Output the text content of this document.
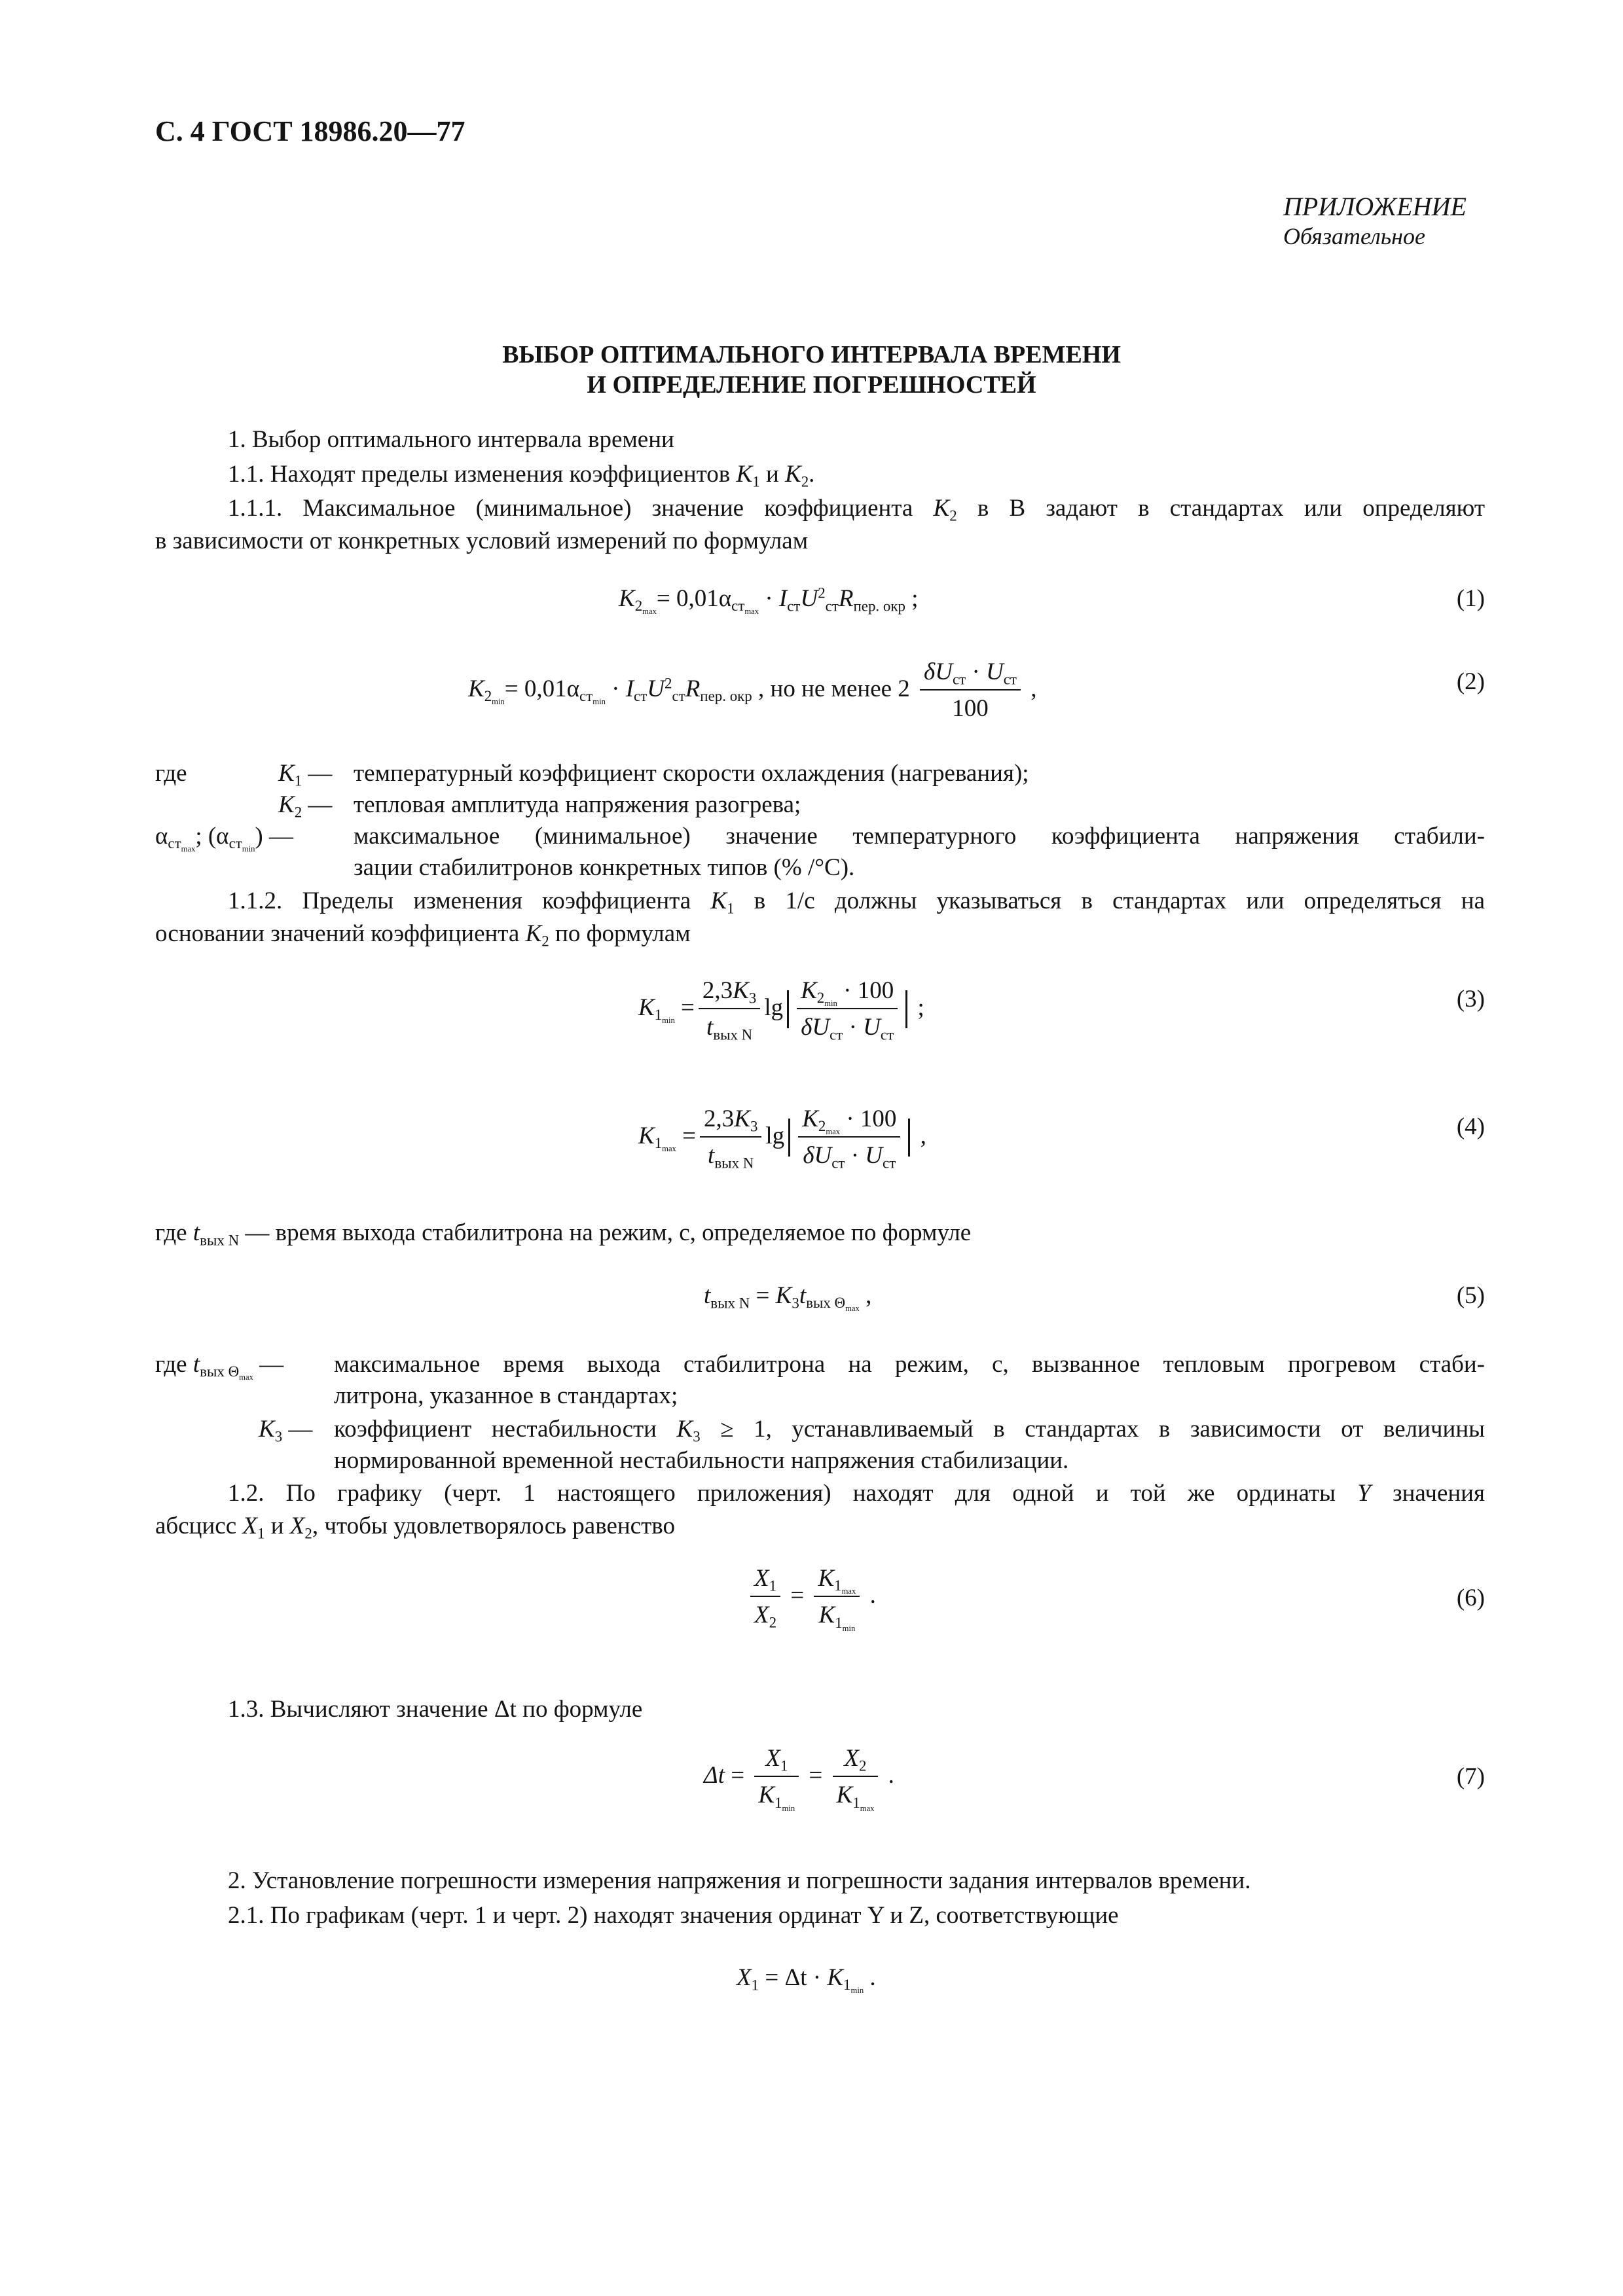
С. 4 ГОСТ 18986.20—77
ПРИЛОЖЕНИЕ
Обязательное
ВЫБОР ОПТИМАЛЬНОГО ИНТЕРВАЛА ВРЕМЕНИ
И ОПРЕДЕЛЕНИЕ ПОГРЕШНОСТЕЙ
1. Выбор оптимального интервала времени
1.1. Находят пределы изменения коэффициентов $K_1$ и $K_2$.
1.1.1. Максимальное (минимальное) значение коэффициента $K_2$ в В задают в стандартах или определяют
в зависимости от конкретных условий измерений по формулам
$K_{2_{max}}= 0,01\alpha_{ст_{max}} \cdot I_{ст}U^2_{ст}R_{пер. окр}$ ;	(1)
$K_{2_{min}}= 0,01\alpha_{ст_{min}} \cdot I_{ст}U^2_{ст}R_{пер. окр}$ , но не менее $2 \frac{\delta U_{ст} \cdot U_{ст}}{100}$ ,	(2)
где	$K_1$ — температурный коэффициент скорости охлаждения (нагревания);
$K_2$ — тепловая амплитуда напряжения разогрева;
$\alpha_{ст_{max}}$; $(\alpha_{ст_{min}})$ — максимальное (минимальное) значение температурного коэффициента напряжения стабили-
зации стабилитронов конкретных типов (% /°C).
1.1.2. Пределы изменения коэффициента $K_1$ в 1/с должны указываться в стандартах или определяться на
основании значений коэффициента $K_2$ по формулам
$K_{1_{min}} = \frac{2,3K_3}{t_{вых N}}$ $\lg \frac{K_{2_{min}} \cdot 100}{\delta U_{ст} \cdot U_{ст}}$ ;	(3)
$K_{1_{max}} = \frac{2,3K_3}{t_{вых N}}$ $\lg \frac{K_{2_{max}} \cdot 100}{\delta U_{ст} \cdot U_{ст}}$ ,	(4)
где $t_{вых N}$ — время выхода стабилитрона на режим, с, определяемое по формуле
$t_{вых N} = K_3t_{вых \Theta_{max}}$ ,	(5)
где $t_{вых \Theta_{max}}$ — максимальное время выхода стабилитрона на режим, с, вызванное тепловым прогревом стаби-
литрона, указанное в стандартах;
$K_3$ — коэффициент нестабильности $K_3 \ge 1$, устанавливаемый в стандартах в зависимости от величины
нормированной временной нестабильности напряжения стабилизации.
1.2. По графику (черт. 1 настоящего приложения) находят для одной и той же ординаты Y значения
абсцисс $X_1$ и $X_2$, чтобы удовлетворялось равенство
$\frac{X_1}{X_2} = \frac{K_{1_{max}}}{K_{1_{min}}}$ .	(6)
1.3. Вычисляют значение Δt по формуле
$\Delta t = \frac{X_1}{K_{1_{min}}} = \frac{X_2}{K_{1_{max}}}$ .	(7)
2. Установление погрешности измерения напряжения и погрешности задания интервалов времени.
2.1. По графикам (черт. 1 и черт. 2) находят значения ординат Y и Z, соответствующие
$X_1 = \Delta t \cdot K_{1_{min}}$ .
